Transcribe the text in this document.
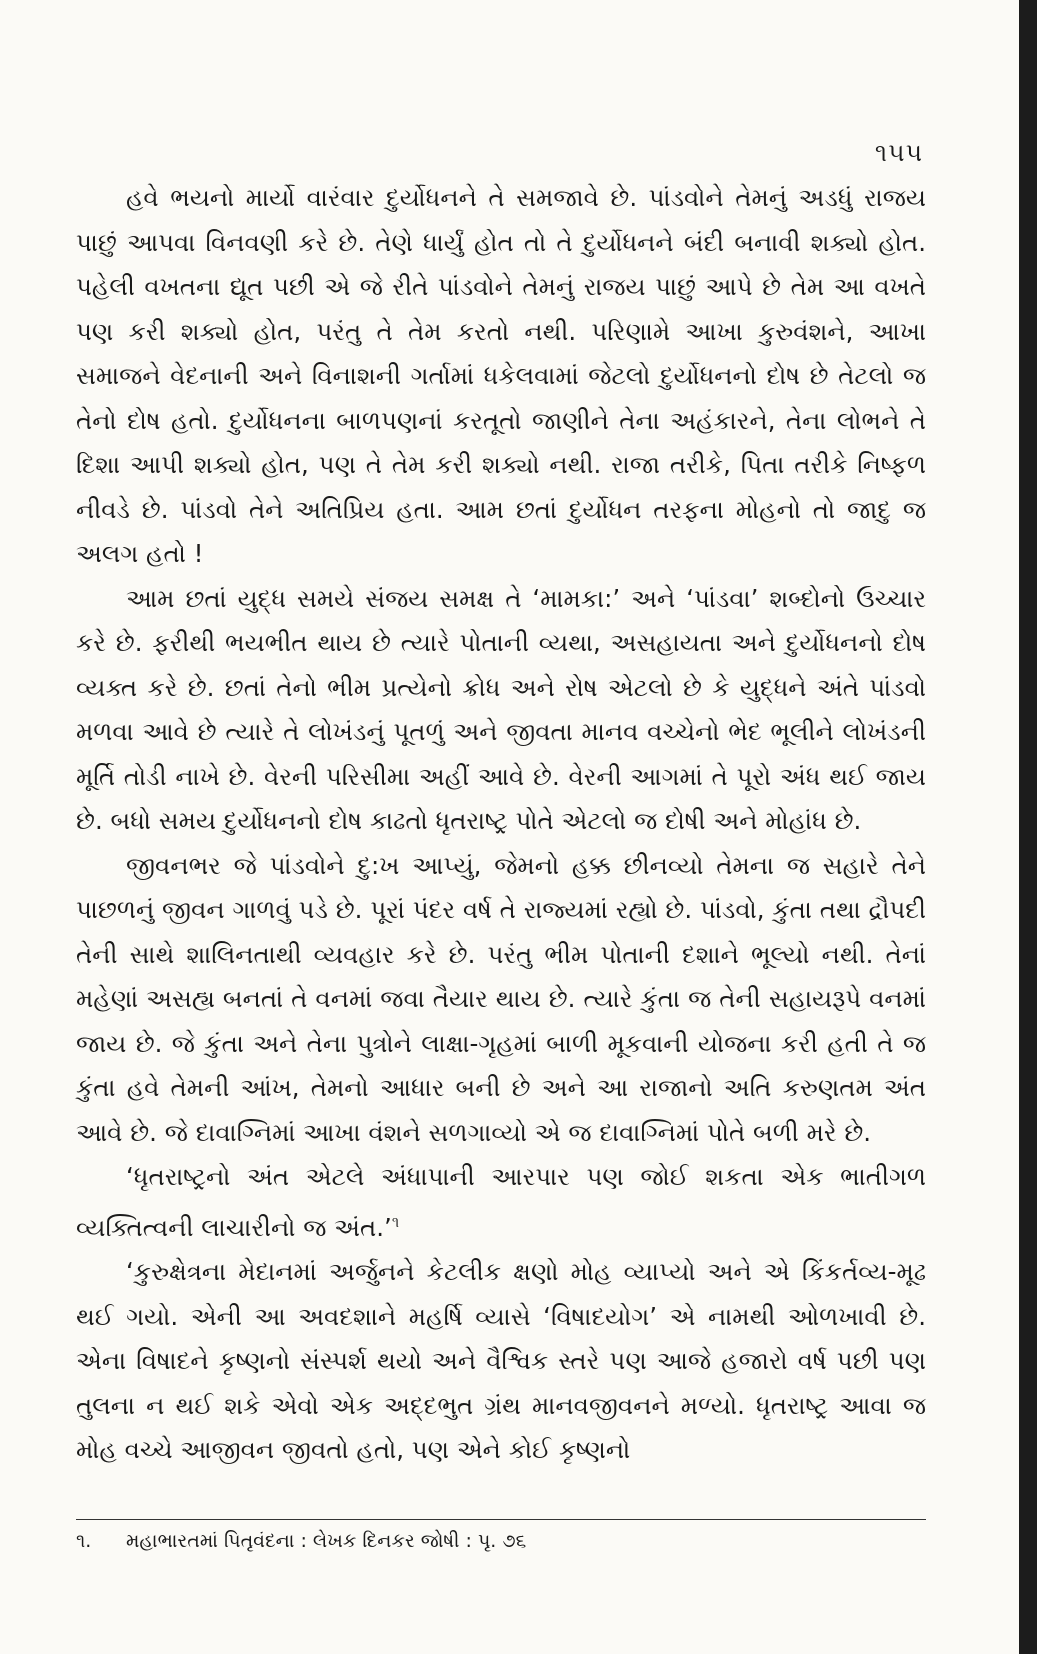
૧૫૫

હવે ભયનો માર્યો વારંવાર દુર્યોધનને તે સમજાવે છે. પાંડવોને તેમનું અડધું રાજય પાછું આપવા વિનવણી કરે છે. તેણે ધાર્યું હોત તો તે દુર્યોધનને બંદી બનાવી શક્યો હોત. પહેલી વખતના દ્યૂત પછી એ જે રીતે પાંડવોને તેમનું રાજય પાછું આપે છે તેમ આ વખતે પણ કરી શક્યો હોત, પરંતુ તે તેમ કરતો નથી. પરિણામે આખા કુરુવંશને, આખા સમાજને વેદનાની અને વિનાશની ગર્તામાં ધકેલવામાં જેટલો દુર્યોધનનો દોષ છે તેટલો જ તેનો દોષ હતો. દુર્યોધનના બાળપણનાં કરતૂતો જાણીને તેના અહંકારને, તેના લોભને તે દિશા આપી શક્યો હોત, પણ તે તેમ કરી શક્યો નથી. રાજા તરીકે, પિતા તરીકે નિષ્ફળ નીવડે છે. પાંડવો તેને અતિપ્રિય હતા. આમ છતાં દુર્યોધન તરફના મોહનો તો જાદુ જ અલગ હતો !

આમ છતાં યુદ્ધ સમયે સંજય સમક્ષ તે ‘મામકા:’ અને ‘પાંડવા’ શબ્દોનો ઉચ્ચાર કરે છે. ફરીથી ભયભીત થાય છે ત્યારે પોતાની વ્યથા, અસહાયતા અને દુર્યોધનનો દોષ વ્યક્ત કરે છે. છતાં તેનો ભીમ પ્રત્યેનો ક્રોધ અને રોષ એટલો છે કે યુદ્ધને અંતે પાંડવો મળવા આવે છે ત્યારે તે લોખંડનું પૂતળું અને જીવતા માનવ વચ્ચેનો ભેદ ભૂલીને લોખંડની મૂર્તિ તોડી નાખે છે. વેરની પરિસીમા અહીં આવે છે. વેરની આગમાં તે પૂરો અંધ થઈ જાય છે. બધો સમય દુર્યોધનનો દોષ કાઢતો ધૃતરાષ્ટ્ર પોતે એટલો જ દોષી અને મોહાંધ છે.

જીવનભર જે પાંડવોને દુ:ખ આપ્યું, જેમનો હક્ક છીનવ્યો તેમના જ સહારે તેને પાછળનું જીવન ગાળવું પડે છે. પૂરાં પંદર વર્ષ તે રાજ્યમાં રહ્યો છે. પાંડવો, કુંતા તથા દ્રૌપદી તેની સાથે શાલિનતાથી વ્યવહાર કરે છે. પરંતુ ભીમ પોતાની દશાને ભૂલ્યો નથી. તેનાં મહેણાં અસહ્ય બનતાં તે વનમાં જવા તૈયાર થાય છે. ત્યારે કુંતા જ તેની સહાયરૂપે વનમાં જાય છે. જે કુંતા અને તેના પુત્રોને લાક્ષા-ગૃહમાં બાળી મૂકવાની યોજના કરી હતી તે જ કુંતા હવે તેમની આંખ, તેમનો આધાર બની છે અને આ રાજાનો અતિ કરુણતમ અંત આવે છે. જે દાવાગ્નિમાં આખા વંશને સળગાવ્યો એ જ દાવાગ્નિમાં પોતે બળી મરે છે.

‘ધૃતરાષ્ટ્રનો અંત એટલે અંધાપાની આરપાર પણ જોઈ શકતા એક ભાતીગળ વ્યક્તિત્વની લાચારીનો જ અંત.’$^૧$

‘કુરુક્ષેત્રના મેદાનમાં અર્જુનને કેટલીક ક્ષણો મોહ વ્યાપ્યો અને એ કિંકર્તવ્ય-મૂઢ થઈ ગયો. એની આ અવદશાને મહર્ષિ વ્યાસે ‘વિષાદયોગ’ એ નામથી ઓળખાવી છે. એના વિષાદને કૃષ્ણનો સંસ્પર્શ થયો અને વૈશ્વિક સ્તરે પણ આજે હજારો વર્ષ પછી પણ તુલના ન થઈ શકે એવો એક અદ્દભુત ગ્રંથ માનવજીવનને મળ્યો. ધૃતરાષ્ટ્ર આવા જ મોહ વચ્ચે આજીવન જીવતો હતો, પણ એને કોઈ કૃષ્ણનો

૧. મહાભારતમાં પિતૃવંદના : લેખક દિનકર જોષી : પૃ. ૭૬
